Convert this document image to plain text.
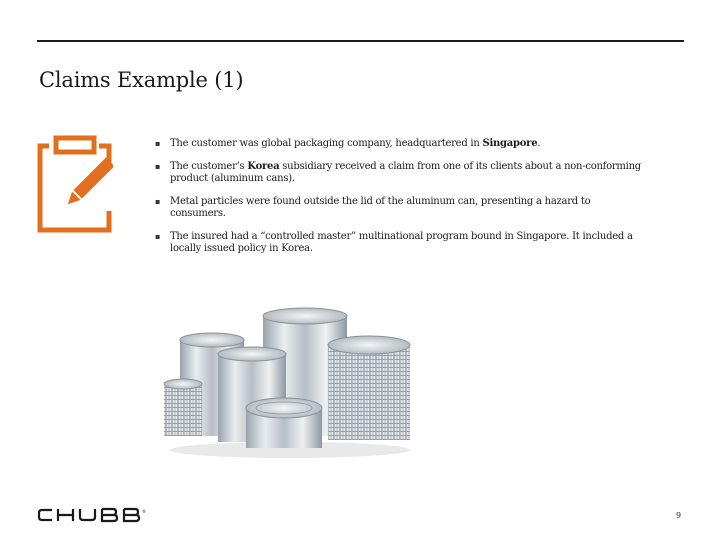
Claims Example (1)
▪ The customer was global packaging company, headquartered in Singapore.
▪ The customer’s Korea subsidiary received a claim from one of its clients about a non-conforming product (aluminum cans).
▪ Metal particles were found outside the lid of the aluminum can, presenting a hazard to consumers.
▪ The insured had a “controlled master” multinational program bound in Singapore. It included a locally issued policy in Korea.
®	9
